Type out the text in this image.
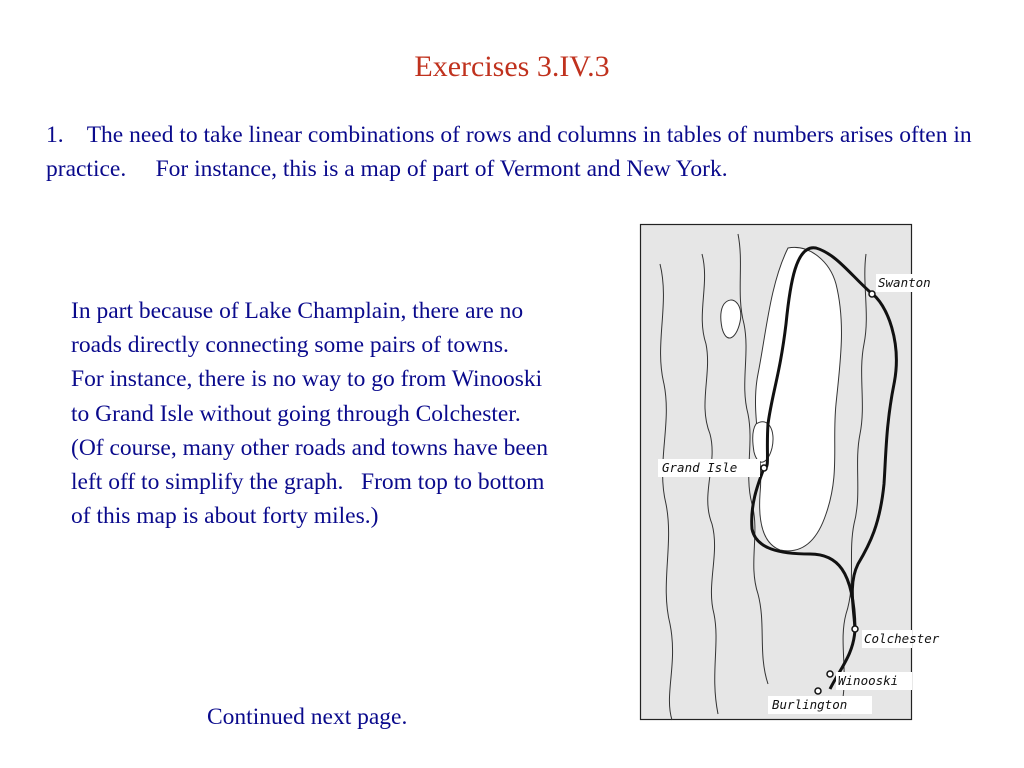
Exercises 3.IV.3
1.    The need to take linear combinations of rows and columns in tables of numbers arises often in practice.     For instance, this is a map of part of Vermont and New York.
In part because of Lake Champlain, there are no roads directly connecting some pairs of towns.    For instance, there is no way to go from Winooski to Grand Isle without going through Colchester. (Of course, many other roads and towns have been left off to simplify the graph.   From top to bottom of this map is about forty miles.)
Continued next page.
Swanton
Grand Isle
Colchester
Winooski
Burlington
